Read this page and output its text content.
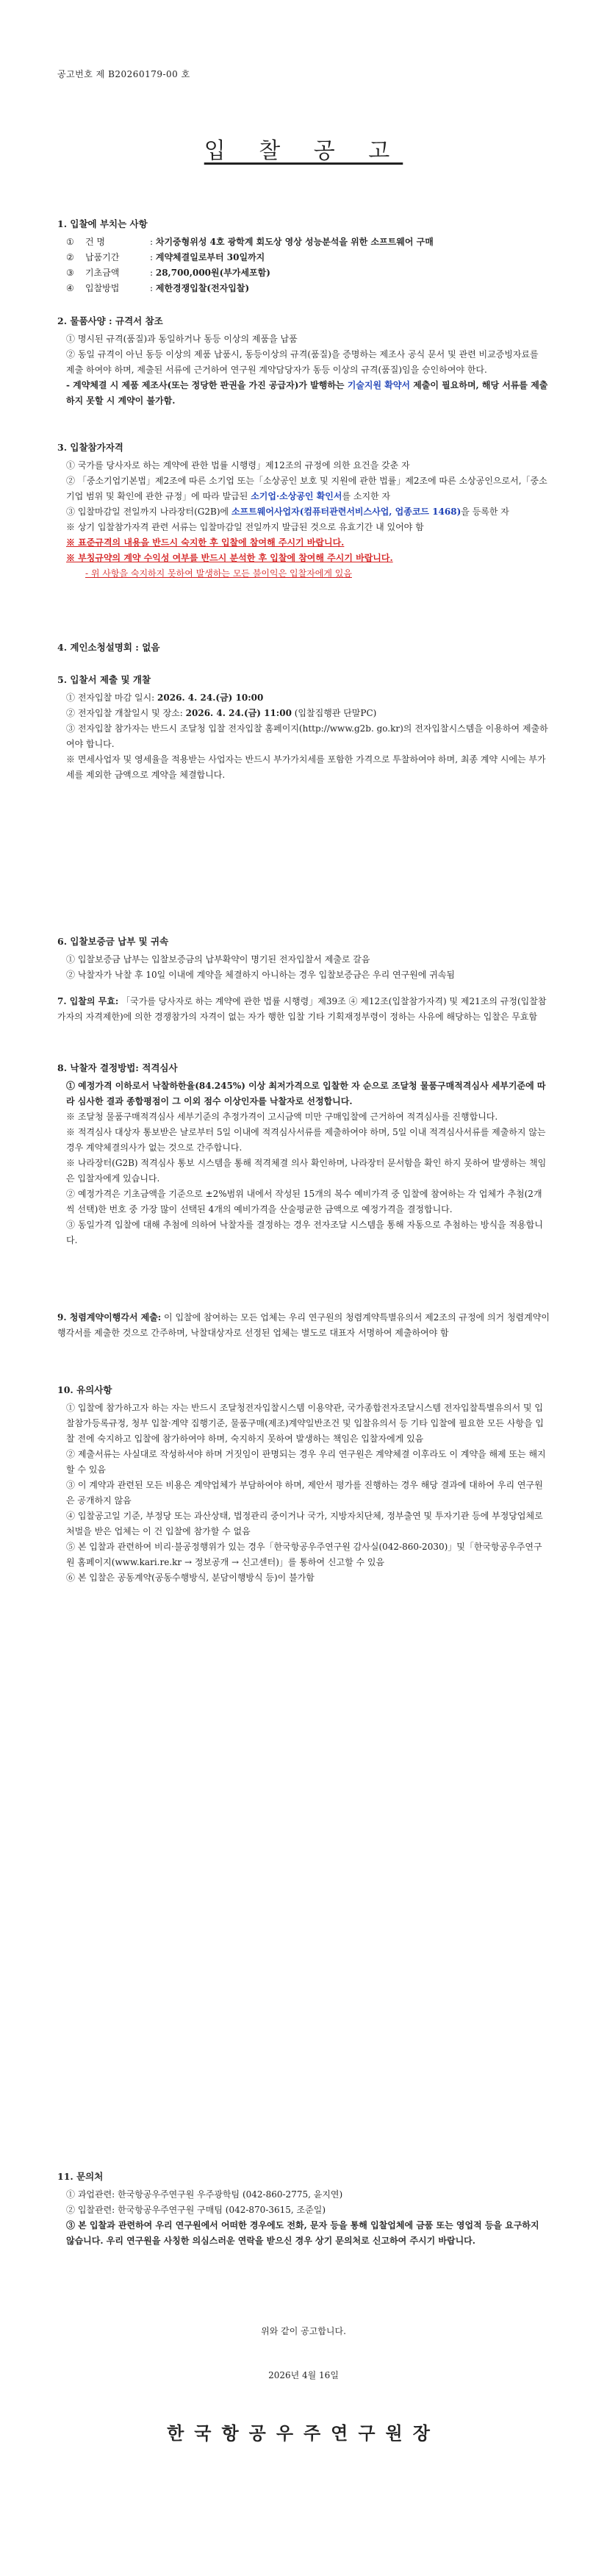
공고번호 제 B20260179-00 호
입 찰 공 고
1. 입찰에 부치는 사항
①	건 명	: 차기중형위성 4호 광학계 회도상 영상 성능분석을 위한 소프트웨어 구매
②	납품기간	: 계약체결일로부터 30일까지
③	기초금액	: 28,700,000원(부가세포함)
④	입찰방법	: 제한경쟁입찰(전자입찰)
2. 물품사양 : 규격서 참조
① 명시된 규격(품질)과 동일하거나 동등 이상의 제품을 납품
② 동일 규격이 아닌 동등 이상의 제품 납품시, 동등이상의 규격(품질)을 증명하는 제조사 공식 문서 및 관련 비교증빙자료를 제출 하여야 하며, 제출된 서류에 근거하여 연구원 계약담당자가 동등 이상의 규격(품질)임을 승인하여야 한다.
- 계약체결 시 제품 제조사(또는 정당한 판권을 가진 공급자)가 발행하는 기술지원 확약서 제출이 필요하며, 해당 서류를 제출하지 못할 시 계약이 불가함.
3. 입찰참가자격
① 국가를 당사자로 하는 계약에 관한 법률 시행령」제12조의 규정에 의한 요건을 갖춘 자
② 「중소기업기본법」제2조에 따른 소기업 또는「소상공인 보호 및 지원에 관한 법률」제2조에 따른 소상공인으로서,「중소기업 범위 및 확인에 관한 규정」에 따라 발급된 소기업·소상공인 확인서를 소지한 자
③ 입찰마감일 전일까지 나라장터(G2B)에 소프트웨어사업자(컴퓨터관련서비스사업, 업종코드 1468)을 등록한 자
※ 상기 입찰참가자격 관련 서류는 입찰마감일 전일까지 발급된 것으로 유효기간 내 있어야 함
※ 표준규격의 내용을 반드시 숙지한 후 입찰에 참여해 주시기 바랍니다.
※ 부칭규약의 계약 수익성 여부를 반드시 분석한 후 입찰에 참여해 주시기 바랍니다.
- 위 사항을 숙지하지 못하여 발생하는 모든 불이익은 입찰자에게 있음
4. 계인소청설명회 : 없음
5. 입찰서 제출 및 개찰
① 전자입찰 마감 일시: 2026. 4. 24.(금) 10:00
② 전자입찰 개찰일시 및 장소: 2026. 4. 24.(금) 11:00 (입찰집행관 단말PC)
③ 전자입찰 참가자는 반드시 조달청 입찰 전자입찰 홈페이지(http://www.g2b. go.kr)의 전자입찰시스템을 이용하여 제출하여야 합니다.
※ 면세사업자 및 영세율을 적용받는 사업자는 반드시 부가가치세를 포함한 가격으로 투찰하여야 하며, 최종 계약 시에는 부가세를 제외한 금액으로 계약을 체결합니다.
6. 입찰보증금 납부 및 귀속
① 입찰보증금 납부는 입찰보증금의 납부확약이 명기된 전자입찰서 제출로 갈음
② 낙찰자가 낙찰 후 10일 이내에 계약을 체결하지 아니하는 경우 입찰보증금은 우리 연구원에 귀속됨
7. 입찰의 무효: 「국가를 당사자로 하는 계약에 관한 법률 시행령」제39조 ④ 제12조(입찰참가자격) 및 제21조의 규정(입찰참가자의 자격제한)에 의한 경쟁참가의 자격이 없는 자가 행한 입찰 기타 기획재정부령이 정하는 사유에 해당하는 입찰은 무효함
8. 낙찰자 결정방법: 적격심사
① 예정가격 이하로서 낙찰하한율(84.245%) 이상 최저가격으로 입찰한 자 순으로 조달청 물품구매적격심사 세부기준에 따라 심사한 결과 종합평점이 그 이외 점수 이상인자를 낙찰자로 선정합니다.
※ 조달청 물품구매적격심사 세부기준의 추정가격이 고시금액 미만 구매입찰에 근거하여 적격심사를 진행합니다.
※ 적격심사 대상자 통보받은 날로부터 5일 이내에 적격심사서류를 제출하여야 하며, 5일 이내 적격심사서류를 제출하지 않는 경우 계약체결의사가 없는 것으로 간주합니다.
※ 나라장터(G2B) 적격심사 통보 시스템을 통해 적격체결 의사 확인하며, 나라장터 문서함을 확인 하지 못하여 발생하는 책임은 입찰자에게 있습니다.
② 예정가격은 기초금액을 기준으로 ±2%범위 내에서 작성된 15개의 복수 예비가격 중 입찰에 참여하는 각 업체가 추첨(2개씩 선택)한 번호 중 가장 많이 선택된 4개의 예비가격을 산술평균한 금액으로 예정가격을 결정합니다.
③ 동일가격 입찰에 대해 추첨에 의하여 낙찰자를 결정하는 경우 전자조달 시스템을 통해 자동으로 추첨하는 방식을 적용합니다.
9. 청렴계약이행각서 제출: 이 입찰에 참여하는 모든 업체는 우리 연구원의 청렴계약특별유의서 제2조의 규정에 의거 청렴계약이행각서를 제출한 것으로 간주하며, 낙찰대상자로 선정된 업체는 별도로 대표자 서명하여 제출하여야 함
10. 유의사항
① 입찰에 참가하고자 하는 자는 반드시 조달청전자입찰시스템 이용약관, 국가종합전자조달시스템 전자입찰특별유의서 및 입찰참가등록규정, 청부 입찰·계약 집행기준, 물품구매(제조)계약일반조건 및 입찰유의서 등 기타 입찰에 필요한 모든 사항을 입찰 전에 숙지하고 입찰에 참가하여야 하며, 숙지하지 못하여 발생하는 책임은 입찰자에게 있음
② 제출서류는 사실대로 작성하셔야 하며 거짓임이 판명되는 경우 우리 연구원은 계약체결 이후라도 이 계약을 해제 또는 해지할 수 있음
③ 이 계약과 관련된 모든 비용은 계약업체가 부담하여야 하며, 제안서 평가를 진행하는 경우 해당 결과에 대하여 우리 연구원은 공개하지 않음
④ 입찰공고일 기준, 부정당 또는 과산상태, 법정관리 중이거나 국가, 지방자치단체, 정부출연 및 투자기관 등에 부정당업체로 처벌을 받은 업체는 이 건 입찰에 참가할 수 없음
⑤ 본 입찰과 관련하여 비리·불공정행위가 있는 경우「한국항공우주연구원 감사실(042-860-2030)」및「한국항공우주연구원 홈페이지(www.kari.re.kr → 정보공개 → 신고센터)」를 통하여 신고할 수 있음
⑥ 본 입찰은 공동계약(공동수행방식, 분담이행방식 등)이 불가함
11. 문의처
① 과업관련: 한국항공우주연구원 우주광학팀 (042-860-2775, 윤지연)
② 입찰관련: 한국항공우주연구원 구매팀 (042-870-3615, 조준일)
③ 본 입찰과 관련하여 우리 연구원에서 어떠한 경우에도 전화, 문자 등을 통해 입찰업체에 금품 또는 영업적 등을 요구하지 않습니다. 우리 연구원을 사칭한 의심스러운 연락을 받으신 경우 상기 문의처로 신고하여 주시기 바랍니다.
위와 같이 공고합니다.
2026년 4월 16일
한국항공우주연구원장
